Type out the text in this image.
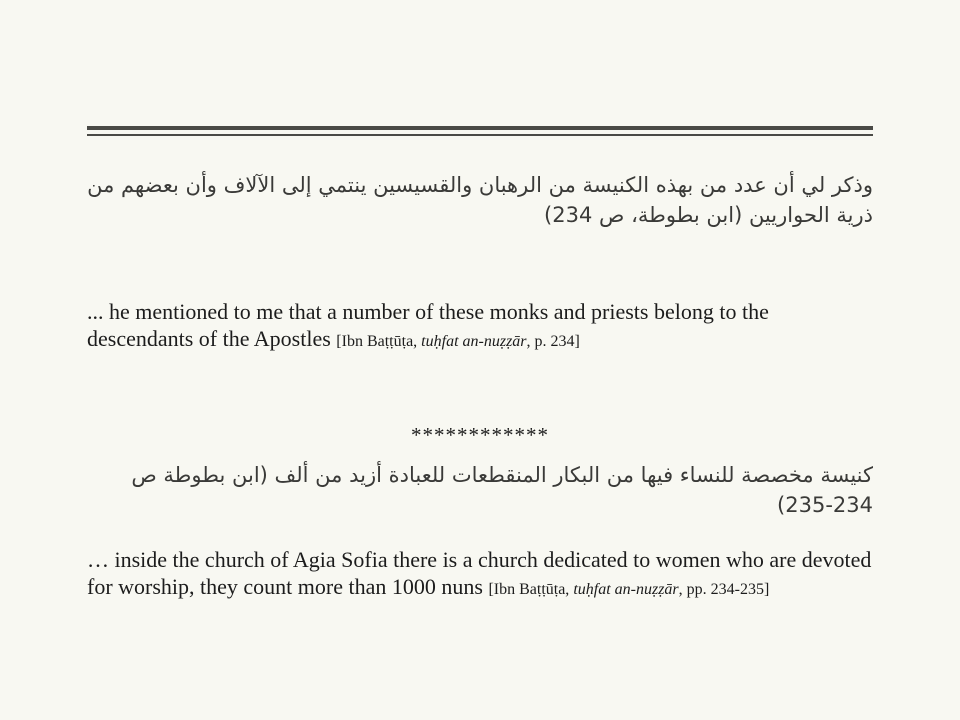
وذكر لي أن عدد من بهذه الكنيسة من الرهبان والقسيسين ينتمي إلى الآلاف وأن بعضهم من ذرية الحواريين (ابن بطوطة، ص 234)

... he mentioned to me that a number of these monks and priests belong to the descendants of the Apostles [Ibn Baṭṭūṭa, tuḥfat an-nuẓẓār, p. 234]

************

كنيسة مخصصة للنساء فيها من البكار المنقطعات للعبادة أزيد من ألف (ابن بطوطة ص 234-235)

… inside the church of Agia Sofia there is a church dedicated to women who are devoted for worship, they count more than 1000 nuns [Ibn Baṭṭūṭa, tuḥfat an-nuẓẓār, pp. 234-235]
